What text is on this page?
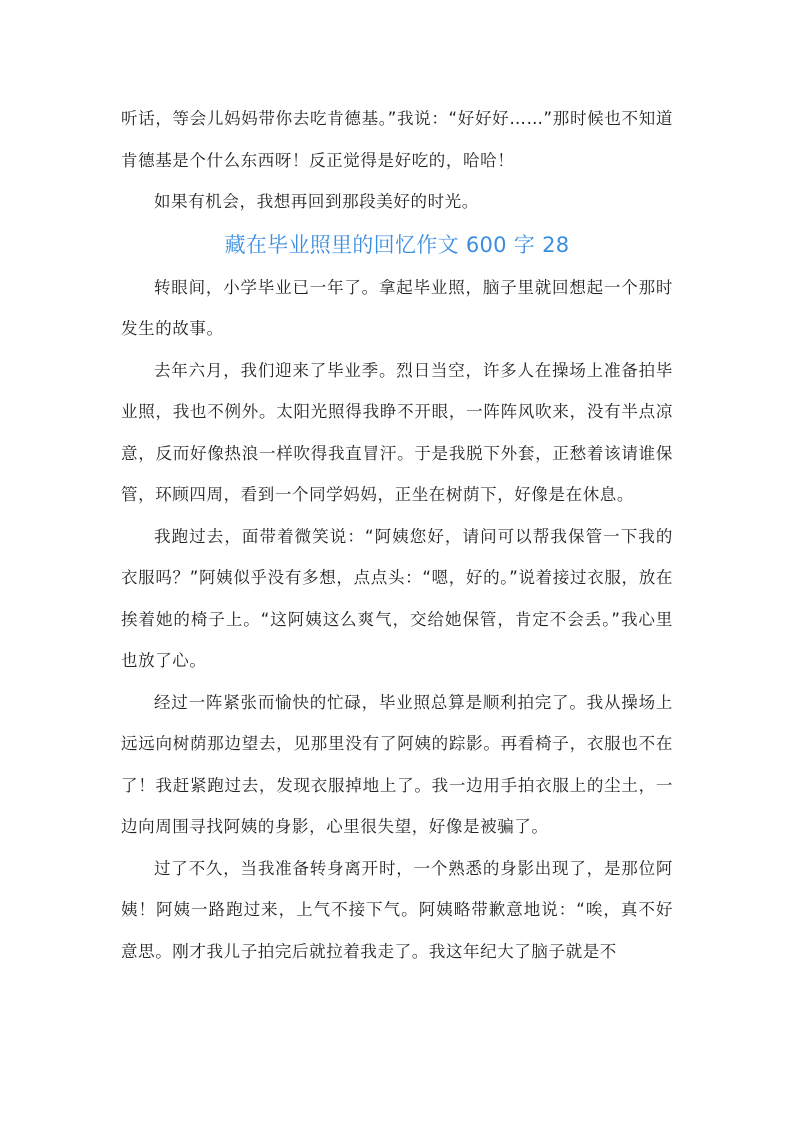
听话，等会儿妈妈带你去吃肯德基。”我说：“好好好……”那时候也不知道肯德基是个什么东西呀！反正觉得是好吃的，哈哈！

如果有机会，我想再回到那段美好的时光。

藏在毕业照里的回忆作文 600 字 28

转眼间，小学毕业已一年了。拿起毕业照，脑子里就回想起一个那时发生的故事。

去年六月，我们迎来了毕业季。烈日当空，许多人在操场上准备拍毕业照，我也不例外。太阳光照得我睁不开眼，一阵阵风吹来，没有半点凉意，反而好像热浪一样吹得我直冒汗。于是我脱下外套，正愁着该请谁保管，环顾四周，看到一个同学妈妈，正坐在树荫下，好像是在休息。

我跑过去，面带着微笑说：“阿姨您好，请问可以帮我保管一下我的衣服吗？”阿姨似乎没有多想，点点头：“嗯，好的。”说着接过衣服，放在挨着她的椅子上。“这阿姨这么爽气，交给她保管，肯定不会丢。”我心里也放了心。

经过一阵紧张而愉快的忙碌，毕业照总算是顺利拍完了。我从操场上远远向树荫那边望去，见那里没有了阿姨的踪影。再看椅子，衣服也不在了！我赶紧跑过去，发现衣服掉地上了。我一边用手拍衣服上的尘土，一边向周围寻找阿姨的身影，心里很失望，好像是被骗了。

过了不久，当我准备转身离开时，一个熟悉的身影出现了，是那位阿姨！阿姨一路跑过来，上气不接下气。阿姨略带歉意地说：“唉，真不好意思。刚才我儿子拍完后就拉着我走了。我这年纪大了脑子就是不
